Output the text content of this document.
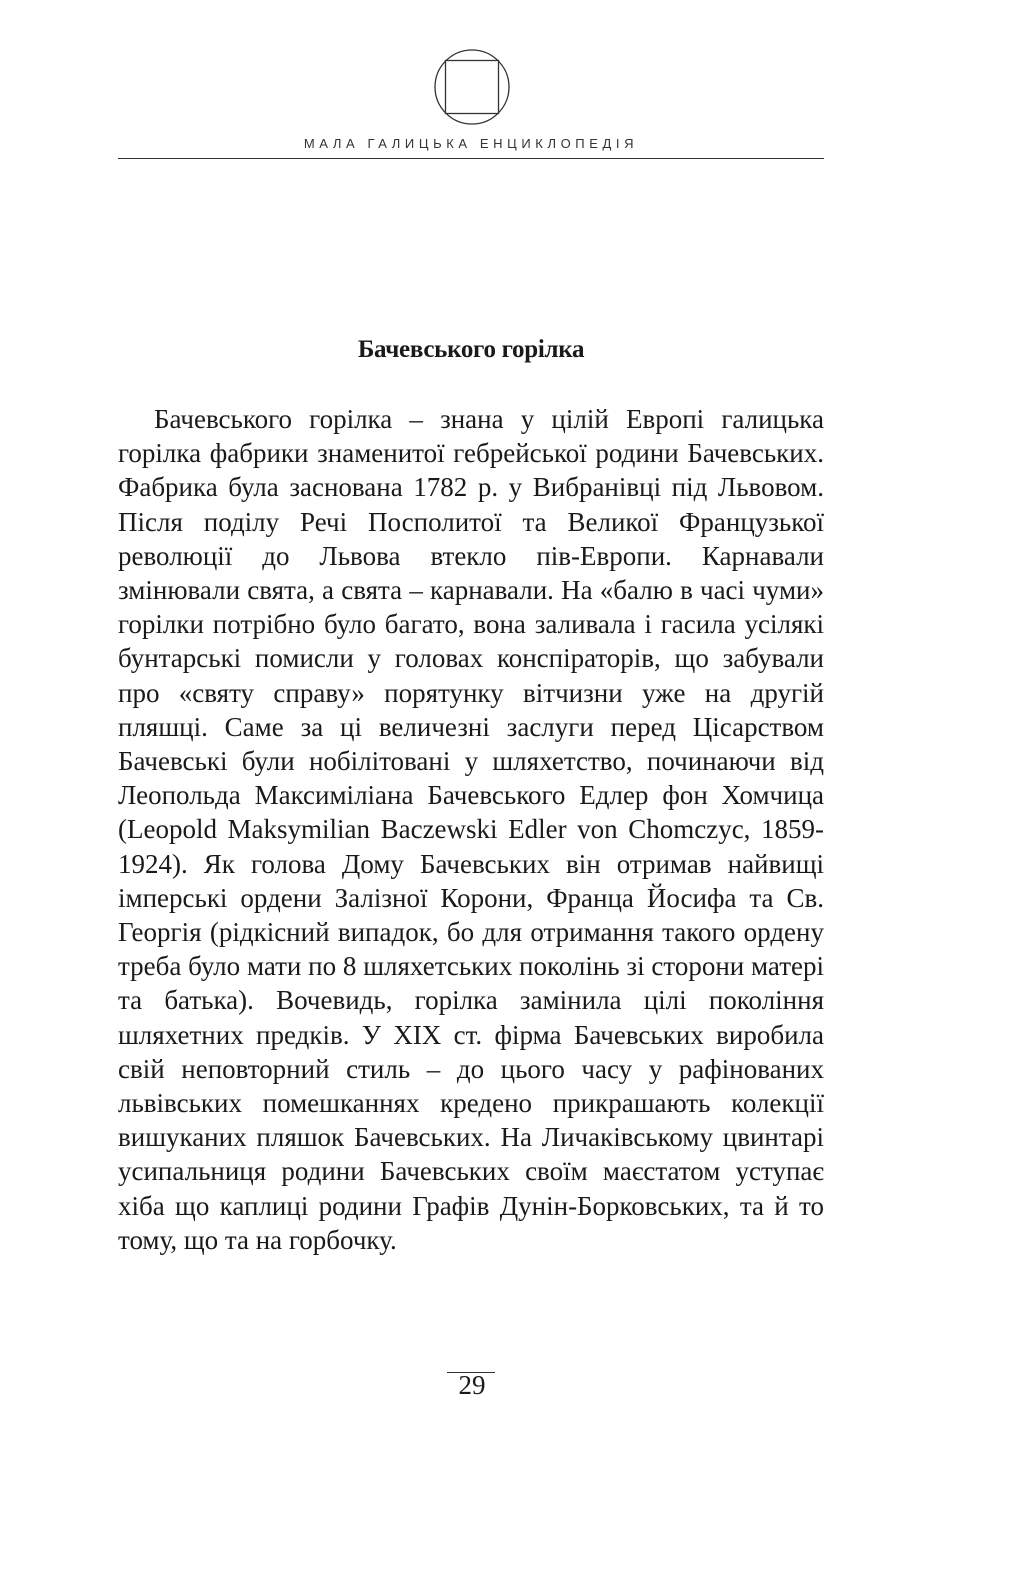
МАЛА ГАЛИЦЬКА ЕНЦИКЛОПЕДІЯ
Бачевського горілка

Бачевського горілка – знана у цілій Европі галицька горілка фабрики знаменитої гебрейської родини Бачевських. Фабрика була заснована 1782 р. у Вибранівці під Львовом. Після поділу Речі Посполитої та Великої Французької революції до Львова втекло пів-Европи. Карнавали змінювали свята, а свята – карнавали. На «балю в часі чуми» горілки потрібно було багато, вона заливала і гасила усілякі бунтарські помисли у головах конспіраторів, що забували про «святу справу» порятунку вітчизни уже на другій пляшці. Саме за ці величезні заслуги перед Цісарством Бачевські були нобілітовані у шляхетство, починаючи від Леопольда Максиміліана Бачевського Едлер фон Хомчица (Leopold Maksymilian Baczewski Edler von Chomczyc, 1859-1924). Як голова Дому Бачевських він отримав найвищі імперські ордени Залізної Корони, Франца Йосифа та Св. Георгія (рідкісний випадок, бо для отримання такого ордену треба було мати по 8 шляхетських поколінь зі сторони матері та батька). Вочевидь, горілка замінила цілі покоління шляхетних предків. У XIX ст. фірма Бачевських виробила свій неповторний стиль – до цього часу у рафінованих львівських помешканнях кредено прикрашають колекції вишуканих пляшок Бачевських. На Личаківському цвинтарі усипальниця родини Бачевських своїм маєстатом уступає хіба що каплиці родини Графів Дунін-Борковських, та й то тому, що та на горбочку.

29
